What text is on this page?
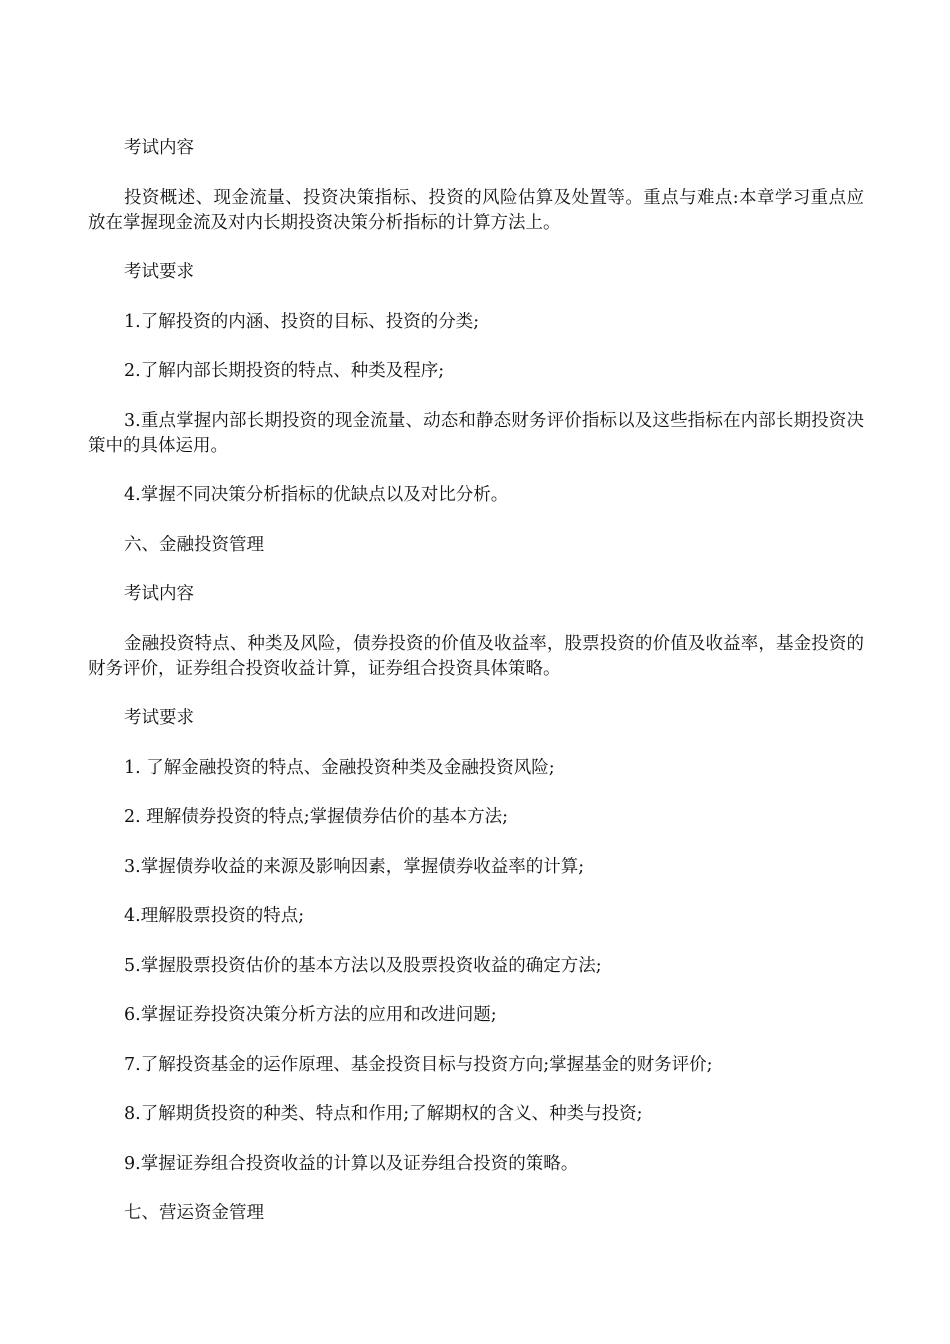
考试内容

投资概述、现金流量、投资决策指标、投资的风险估算及处置等。重点与难点:本章学习重点应放在掌握现金流及对内长期投资决策分析指标的计算方法上。

考试要求

1.了解投资的内涵、投资的目标、投资的分类;

2.了解内部长期投资的特点、种类及程序;

3.重点掌握内部长期投资的现金流量、动态和静态财务评价指标以及这些指标在内部长期投资决策中的具体运用。

4.掌握不同决策分析指标的优缺点以及对比分析。

六、金融投资管理

考试内容

金融投资特点、种类及风险，债券投资的价值及收益率，股票投资的价值及收益率，基金投资的财务评价，证券组合投资收益计算，证券组合投资具体策略。

考试要求

1. 了解金融投资的特点、金融投资种类及金融投资风险;

2. 理解债券投资的特点;掌握债券估价的基本方法;

3.掌握债券收益的来源及影响因素，掌握债券收益率的计算;

4.理解股票投资的特点;

5.掌握股票投资估价的基本方法以及股票投资收益的确定方法;

6.掌握证券投资决策分析方法的应用和改进问题;

7.了解投资基金的运作原理、基金投资目标与投资方向;掌握基金的财务评价;

8.了解期货投资的种类、特点和作用;了解期权的含义、种类与投资;

9.掌握证券组合投资收益的计算以及证券组合投资的策略。

七、营运资金管理
